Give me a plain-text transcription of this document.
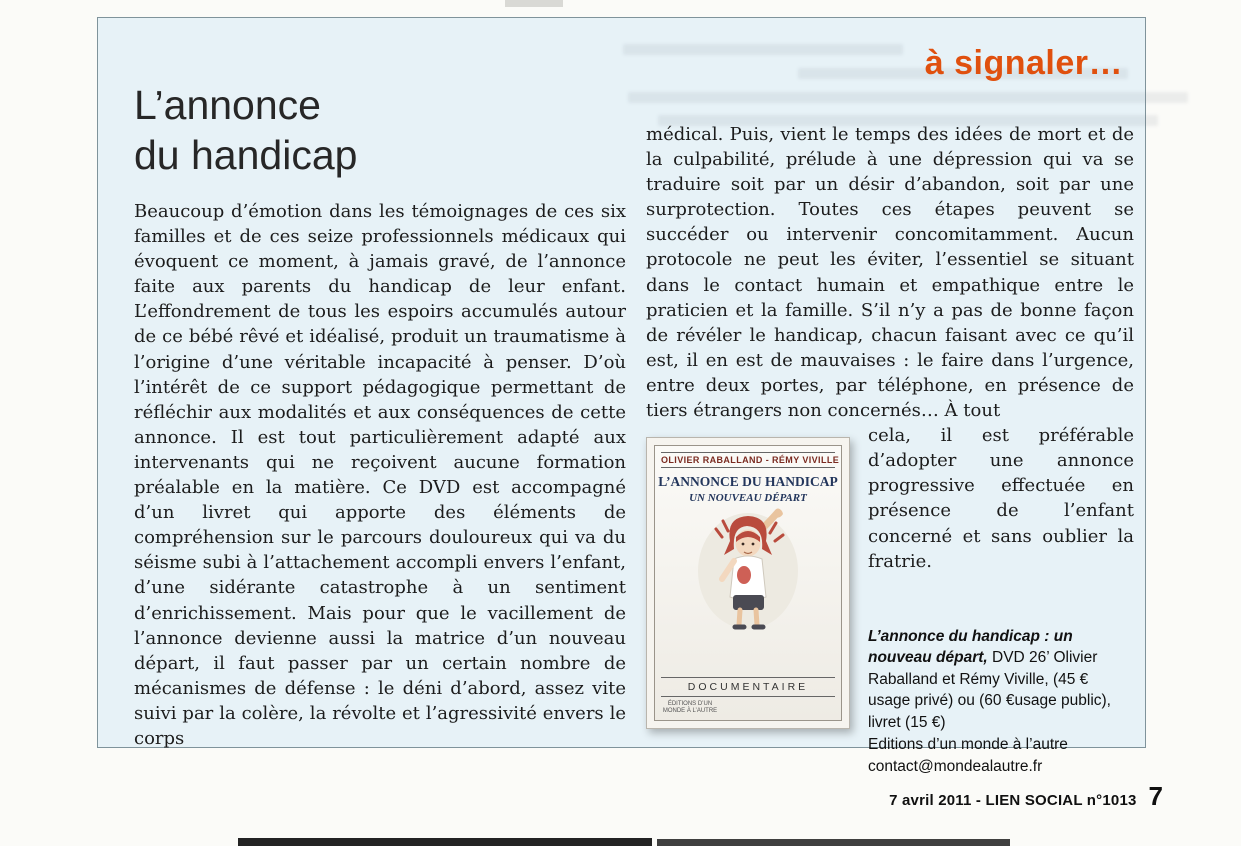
à signaler…
L’annonce
du handicap
Beaucoup d’émotion dans les témoignages de ces six familles et de ces seize professionnels médicaux qui évoquent ce moment, à jamais gravé, de l’annonce faite aux parents du handicap de leur enfant. L’effondrement de tous les espoirs accumulés autour de ce bébé rêvé et idéalisé, produit un traumatisme à l’origine d’une véritable incapacité à penser. D’où l’intérêt de ce support pédagogique permettant de réfléchir aux modalités et aux conséquences de cette annonce. Il est tout particulièrement adapté aux intervenants qui ne reçoivent aucune formation préalable en la matière. Ce DVD est accompagné d’un livret qui apporte des éléments de compréhension sur le parcours douloureux qui va du séisme subi à l’attachement accompli envers l’enfant, d’une sidérante catastrophe à un sentiment d’enrichissement. Mais pour que le vacillement de l’annonce devienne aussi la matrice d’un nouveau départ, il faut passer par un certain nombre de mécanismes de défense : le déni d’abord, assez vite suivi par la colère, la révolte et l’agressivité envers le corps
médical. Puis, vient le temps des idées de mort et de la culpabilité, prélude à une dépression qui va se traduire soit par un désir d’abandon, soit par une surprotection. Toutes ces étapes peuvent se succéder ou intervenir concomitamment. Aucun protocole ne peut les éviter, l’essentiel se situant dans le contact humain et empathique entre le praticien et la famille. S’il n’y a pas de bonne façon de révéler le handicap, chacun faisant avec ce qu’il est, il en est de mauvaises : le faire dans l’urgence, entre deux portes, par téléphone, en présence de tiers étrangers non concernés… À tout
OLIVIER RABALLAND - RÉMY VIVILLE
L’ANNONCE DU HANDICAP
UN NOUVEAU DÉPART
DOCUMENTAIRE
ÉDITIONS D’UN MONDE À L’AUTRE
cela, il est préférable d’adopter une annonce progressive effectuée en présence de l’enfant concerné et sans oublier la fratrie.

L’annonce du handicap : un nouveau départ, DVD 26’ Olivier Raballand et Rémy Viville, (45 € usage privé) ou (60 €usage public), livret (15 €)

Editions d’un monde à l’autre
contact@mondealautre.fr
7 avril 2011 - LIEN SOCIAL n°1013 7
